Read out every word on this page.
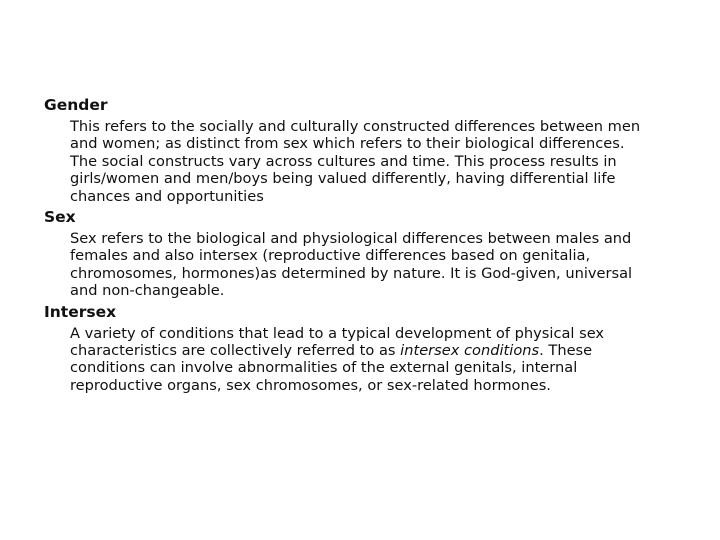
Gender

This refers to the socially and culturally constructed differences between men

and women; as distinct from sex which refers to their biological differences.

The social constructs vary across cultures and time. This process results in

girls/women and men/boys being valued differently, having differential life

chances and opportunities

Sex

Sex refers to the biological and physiological differences between males and

females and also intersex (reproductive differences based on genitalia,

chromosomes, hormones)as determined by nature. It is God-given, universal

and non-changeable.

Intersex

A variety of conditions that lead to a typical development of physical sex

characteristics are collectively referred to as intersex conditions. These

conditions can involve abnormalities of the external genitals, internal

reproductive organs, sex chromosomes, or sex-related hormones.
